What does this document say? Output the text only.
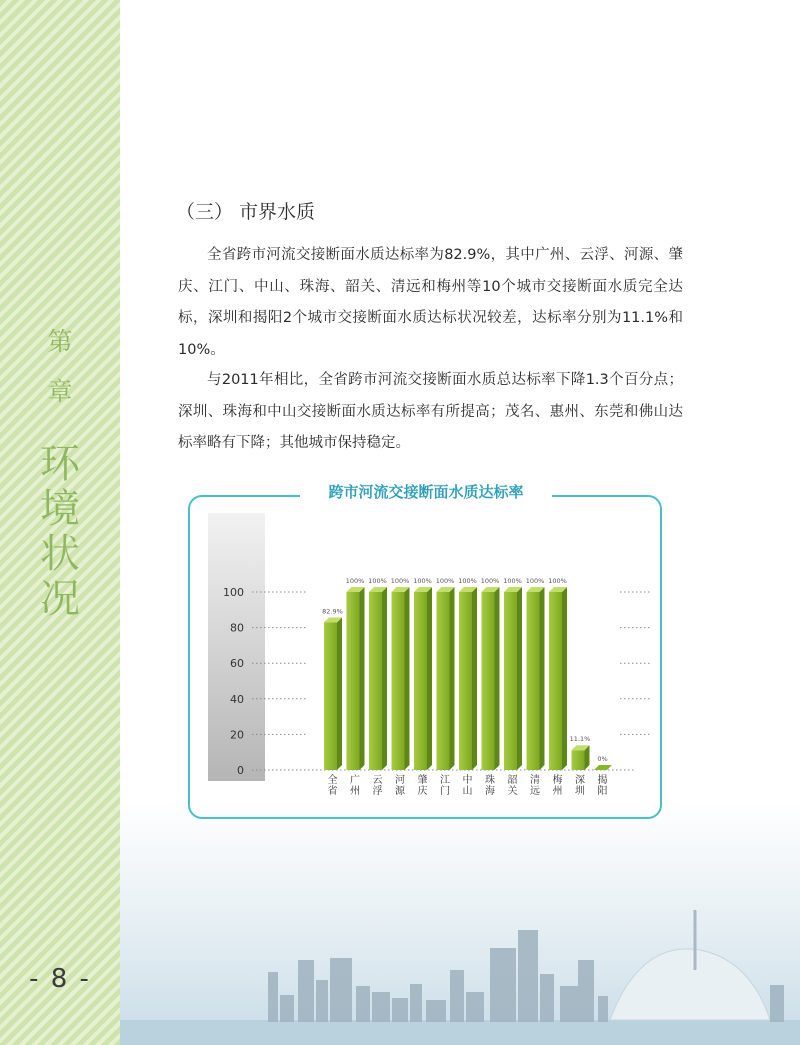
第
章
环
境
状
况
- 8 -
（三） 市界水质

全省跨市河流交接断面水质达标率为82.9%，其中广州、云浮、河源、肇庆、江门、中山、珠海、韶关、清远和梅州等10个城市交接断面水质完全达标，深圳和揭阳2个城市交接断面水质达标状况较差，达标率分别为11.1%和10%。

与2011年相比，全省跨市河流交接断面水质总达标率下降1.3个百分点；深圳、珠海和中山交接断面水质达标率有所提高；茂名、惠州、东莞和佛山达标率略有下降；其他城市保持稳定。

0
20
40
60
80
100
82.9%
100% 100% 100% 100% 100% 100% 100% 100% 100% 100%
11.1%
0%
全
省
广
州
云
浮
河
源
肇
庆
江
门
中
山
珠
海
韶
关
清
远
梅
州
深
圳
揭
阳
跨市河流交接断面水质达标率
